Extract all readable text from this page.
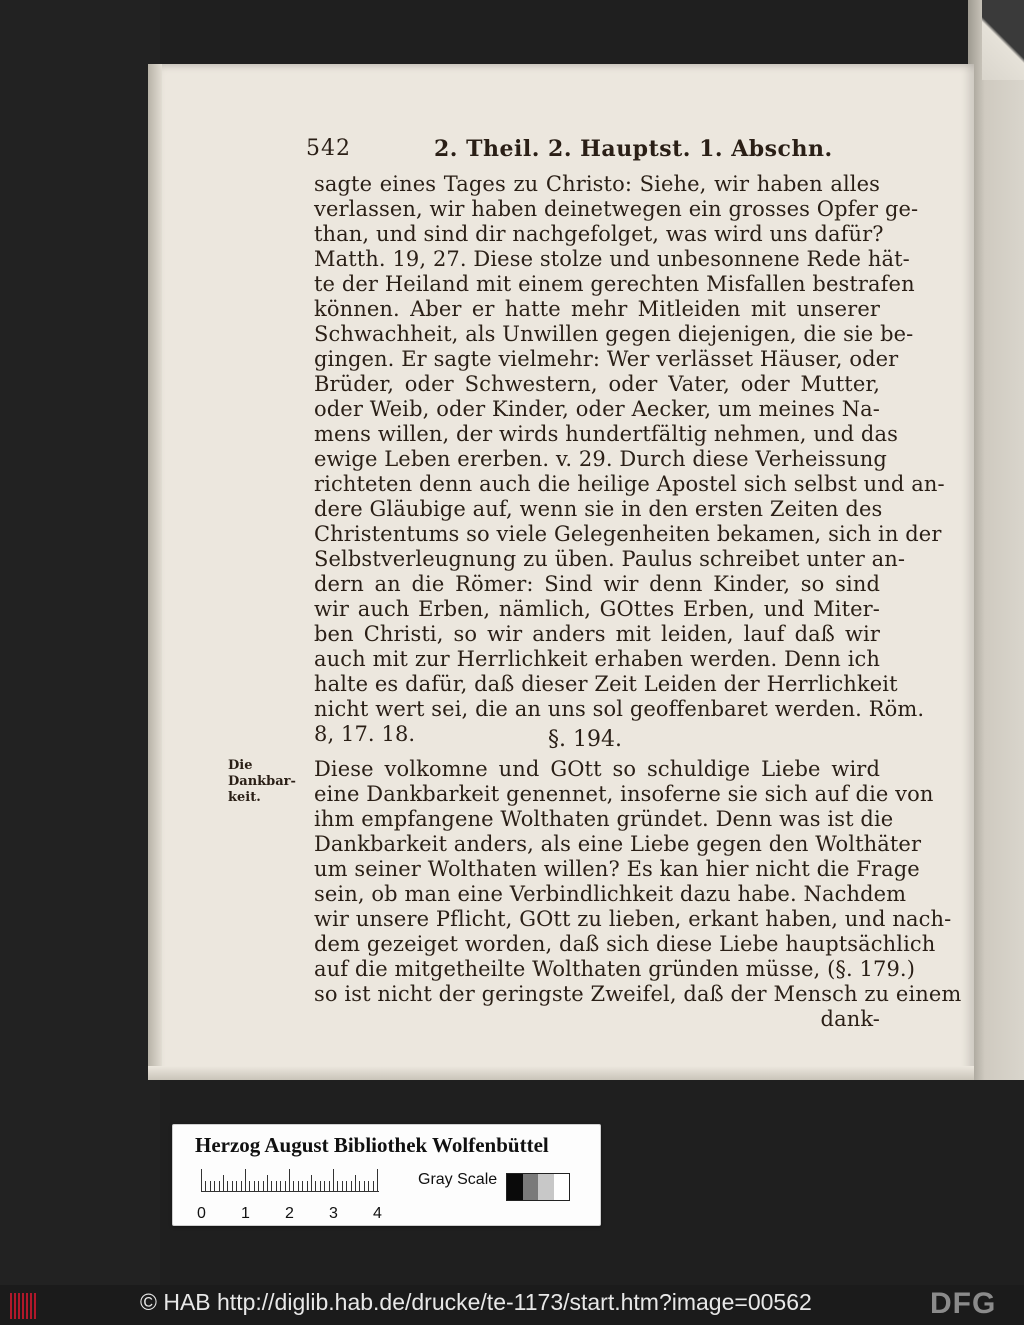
542	2. Theil. 2. Hauptst. 1. Abschn.
sagte eines Tages zu Christo: Siehe, wir haben alles
verlassen, wir haben deinetwegen ein grosses Opfer ge-
than, und sind dir nachgefolget, was wird uns dafür?
Matth. 19, 27. Diese stolze und unbesonnene Rede hät-
te der Heiland mit einem gerechten Misfallen bestrafen
können. Aber er hatte mehr Mitleiden mit unserer
Schwachheit, als Unwillen gegen diejenigen, die sie be-
gingen. Er sagte vielmehr: Wer verlässet Häuser, oder
Brüder, oder Schwestern, oder Vater, oder Mutter,
oder Weib, oder Kinder, oder Aecker, um meines Na-
mens willen, der wirds hundertfältig nehmen, und das
ewige Leben ererben. v. 29. Durch diese Verheissung
richteten denn auch die heilige Apostel sich selbst und an-
dere Gläubige auf, wenn sie in den ersten Zeiten des
Christentums so viele Gelegenheiten bekamen, sich in der
Selbstverleugnung zu üben. Paulus schreibet unter an-
dern an die Römer: Sind wir denn Kinder, so sind
wir auch Erben, nämlich, GOttes Erben, und Miter-
ben Christi, so wir anders mit leiden, lauf daß wir
auch mit zur Herrlichkeit erhaben werden. Denn ich
halte es dafür, daß dieser Zeit Leiden der Herrlichkeit
nicht wert sei, die an uns sol geoffenbaret werden. Röm.
8, 17. 18.
Diese volkomne und GOtt so schuldige Liebe wird
eine Dankbarkeit genennet, insoferne sie sich auf die von
ihm empfangene Wolthaten gründet. Denn was ist die
Dankbarkeit anders, als eine Liebe gegen den Wolthäter
um seiner Wolthaten willen? Es kan hier nicht die Frage
sein, ob man eine Verbindlichkeit dazu habe. Nachdem
wir unsere Pflicht, GOtt zu lieben, erkant haben, und nach-
dem gezeiget worden, daß sich diese Liebe hauptsächlich
auf die mitgetheilte Wolthaten gründen müsse, (§. 179.)
so ist nicht der geringste Zweifel, daß der Mensch zu einem
dank-
§. 194.
Die
Dankbar-
keit.
Herzog August Bibliothek Wolfenbüttel
0 1 2 3 4
Gray Scale
© HAB http://diglib.hab.de/drucke/te-1173/start.htm?image=00562	DFG
